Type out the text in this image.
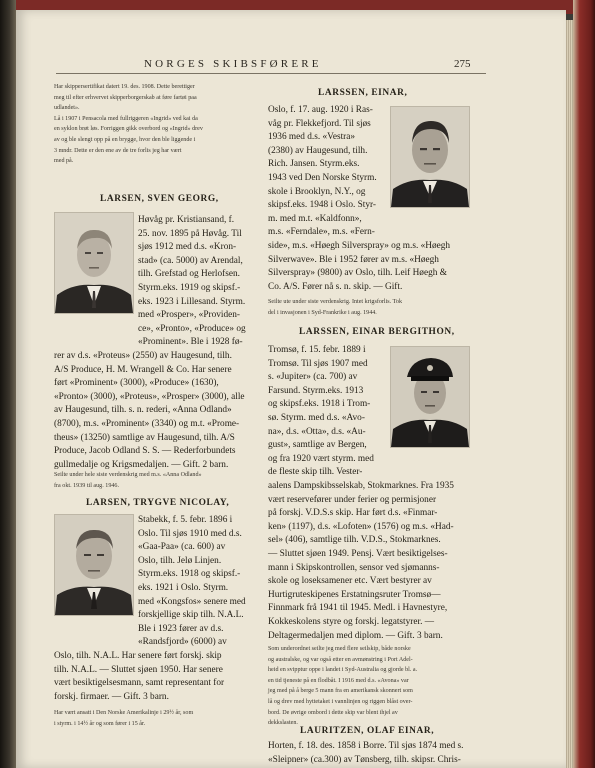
NORGES SKIBSFØRERE	275

Har skippersertifikat datert 19. des. 1908. Dette berettiger

meg til efter erhvervet skipperborgerskab at føre fartøi paa

udlandet».

Lå i 1907 i Pensacola med fullriggeren «Ingrid» ved kai da

en syklon brøt løs. Forriggen gikk overbord og «Ingrid» drev

av og ble slengt opp på en brygge, hvor den ble liggende i

3 mndr. Dette er den ene av de tre forlis jeg har vært

med på.

LARSEN, SVEN GEORG,

Høvåg pr. Kristiansand, f.

25. nov. 1895 på Høvåg. Til

sjøs 1912 med d.s. «Kron-

stad» (ca. 5000) av Arendal,

tilh. Grefstad og Herlofsen.

Styrm.eks. 1919 og skipsf.-

eks. 1923 i Lillesand. Styrm.

med «Prosper», «Providen-

ce», «Pronto», «Produce» og

«Prominent». Ble i 1928 fø-

rer av d.s. «Proteus» (2550) av Haugesund, tilh.

A/S Produce, H. M. Wrangell & Co. Har senere

ført «Prominent» (3000), «Produce» (1630),

«Pronto» (3000), «Proteus», «Prosper» (3000), alle

av Haugesund, tilh. s. n. rederi, «Anna Odland»

(8700), m.s. «Prominent» (3340) og m.t. «Prome-

theus» (13250) samtlige av Haugesund, tilh. A/S

Produce, Jacob Odland S. S. — Rederforbundets

gullmedalje og Krigsmedaljen. — Gift. 2 barn.

Seilte under hele siste verdenskrig med m.s. «Anna Odland»

fra okt. 1939 til aug. 1946.

LARSEN, TRYGVE NICOLAY,

Stabekk, f. 5. febr. 1896 i

Oslo. Til sjøs 1910 med d.s.

«Gaa-Paa» (ca. 600) av

Oslo, tilh. Jelø Linjen.

Styrm.eks. 1918 og skipsf.-

eks. 1921 i Oslo. Styrm.

med «Kongsfos» senere med

forskjellige skip tilh. N.A.L.

Ble i 1923 fører av d.s.

«Randsfjord» (6000) av

Oslo, tilh. N.A.L. Har senere ført forskj. skip

tilh. N.A.L. — Sluttet sjøen 1950. Har senere

vært besiktigelsesmann, samt representant for

forskj. firmaer. — Gift. 3 barn.

Har vært ansatt i Den Norske Amerikalinje i 29½ år, som

i styrm. i 14½ år og som fører i 15 år.

LARSSEN, EINAR,

Oslo, f. 17. aug. 1920 i Ras-

våg pr. Flekkefjord. Til sjøs

1936 med d.s. «Vestra»

(2380) av Haugesund, tilh.

Rich. Jansen. Styrm.eks.

1943 ved Den Norske Styrm.

skole i Brooklyn, N.Y., og

skipsf.eks. 1948 i Oslo. Styr-

m. med m.t. «Kaldfonn»,

m.s. «Ferndale», m.s. «Fern-

side», m.s. «Høegh Silverspray» og m.s. «Høegh

Silverwave». Ble i 1952 fører av m.s. «Høegh

Silverspray» (9800) av Oslo, tilh. Leif Høegh &

Co. A/S. Fører nå s. n. skip. — Gift.

Seilte ute under siste verdenskrig. Intet krigsforlis. Tok

del i invasjonen i Syd-Frankrike i aug. 1944.

LARSSEN, EINAR BERGITHON,

Tromsø, f. 15. febr. 1889 i

Tromsø. Til sjøs 1907 med

s. «Jupiter» (ca. 700) av

Farsund. Styrm.eks. 1913

og skipsf.eks. 1918 i Trom-

sø. Styrm. med d.s. «Avo-

na», d.s. «Otta», d.s. «Au-

gust», samtlige av Bergen,

og fra 1920 vært styrm. med

de fleste skip tilh. Vester-

aalens Dampskibsselskab, Stokmarknes. Fra 1935

vært reservefører under ferier og permisjoner

på forskj. V.D.S.s skip. Har ført d.s. «Finmar-

ken» (1197), d.s. «Lofoten» (1576) og m.s. «Had-

sel» (406), samtlige tilh. V.D.S., Stokmarknes.

— Sluttet sjøen 1949. Pensj. Vært besiktigelses-

mann i Skipskontrollen, sensor ved sjømanns-

skole og loseksamener etc. Vært bestyrer av

Hurtigruteskipenes Erstatningsruter Tromsø—

Finnmark frå 1941 til 1945. Medl. i Havnestyre,

Kokkeskolens styre og forskj. legatstyrer. —

Deltagermedaljen med diplom. — Gift. 3 barn.

Som underordnet seilte jeg med flere seilskip, både norske

og australske, og var også etter en avmønstring i Port Adel-

heid en svipptur oppe i landet i Syd-Australia og gjorde bl. a.

en tid tjeneste på en flodbåt. I 1916 med d.s. «Avona» var

jeg med på å berge 5 mann fra en amerikansk skonnert som

lå og drev med hyttetaket i vannlinjen og riggen blåst over-

bord. De øvrige ombord i dette skip var blent ihjel av

dekkslasten.

LAURITZEN, OLAF EINAR,

Horten, f. 18. des. 1858 i Borre. Til sjøs 1874 med s.

«Sleipner» (ca.300) av Tønsberg, tilh. skipsr. Chris-
